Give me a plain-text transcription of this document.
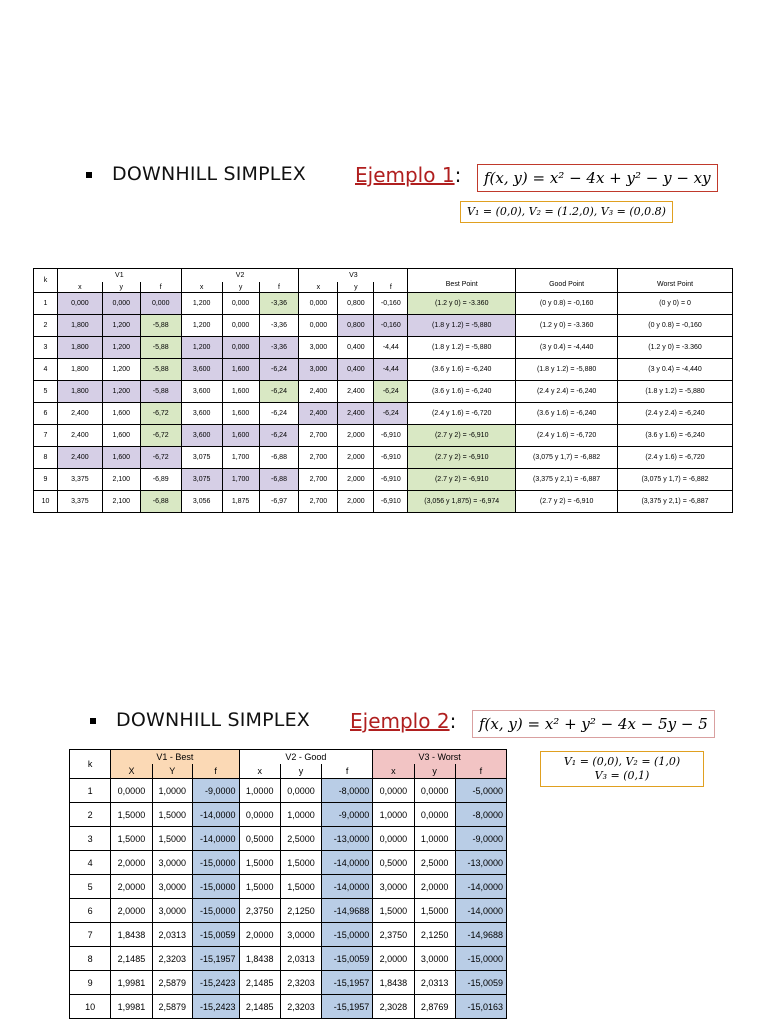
DOWNHILL SIMPLEX Ejemplo 1:	f(x, y) = x² − 4x + y² − y − xy
V₁ = (0,0), V₂ = (1.2,0), V₃ = (0,0.8)
k	V1			V2			V3			Best Point	Good Point	Worst Point
	x	y	f	x	y	f	x	y	f			
1	0,000	0,000	0,000	1,200	0,000	-3,36	0,000	0,800	-0,160	(1.2 y 0) = -3.360	(0 y 0.8) = -0,160	(0 y 0) = 0
2	1,800	1,200	-5,88	1,200	0,000	-3,36	0,000	0,800	-0,160	(1.8 y 1.2) = -5,880	(1.2 y 0) = -3.360	(0 y 0.8) = -0,160
3	1,800	1,200	-5,88	1,200	0,000	-3,36	3,000	0,400	-4,44	(1.8 y 1.2) = -5,880	(3 y 0.4) = -4,440	(1.2 y 0) = -3.360
4	1,800	1,200	-5,88	3,600	1,600	-6,24	3,000	0,400	-4,44	(3.6 y 1.6) = -6,240	(1.8 y 1.2) = -5,880	(3 y 0.4) = -4,440
5	1,800	1,200	-5,88	3,600	1,600	-6,24	2,400	2,400	-6,24	(3.6 y 1.6) = -6,240	(2.4 y 2.4) = -6,240	(1.8 y 1.2) = -5,880
6	2,400	1,600	-6,72	3,600	1,600	-6,24	2,400	2,400	-6,24	(2.4 y 1.6) = -6,720	(3.6 y 1.6) = -6,240	(2.4 y 2.4) = -6,240
7	2,400	1,600	-6,72	3,600	1,600	-6,24	2,700	2,000	-6,910	(2.7 y 2) = -6,910	(2.4 y 1.6) = -6,720	(3.6 y 1.6) = -6,240
8	2,400	1,600	-6,72	3,075	1,700	-6,88	2,700	2,000	-6,910	(2.7 y 2) = -6,910	(3,075 y 1,7) = -6,882	(2.4 y 1.6) = -6,720
9	3,375	2,100	-6,89	3,075	1,700	-6,88	2,700	2,000	-6,910	(2.7 y 2) = -6,910	(3,375 y 2,1) = -6,887	(3,075 y 1,7) = -6,882
10	3,375	2,100	-6,88	3,056	1,875	-6,97	2,700	2,000	-6,910	(3,056 y 1,875) = -6,974	(2.7 y 2) = -6,910	(3,375 y 2,1) = -6,887
DOWNHILL SIMPLEX Ejemplo 2:	f(x, y) = x² + y² − 4x − 5y − 5
V₁ = (0,0), V₂ = (1,0)
V₃ = (0,1)
k	V1 - Best			V2 - Good			V3 - Worst		
	X	Y	f	x	y	f	x	y	f
1	0,0000	1,0000	-9,0000	1,0000	0,0000	-8,0000	0,0000	0,0000	-5,0000
2	1,5000	1,5000	-14,0000	0,0000	1,0000	-9,0000	1,0000	0,0000	-8,0000
3	1,5000	1,5000	-14,0000	0,5000	2,5000	-13,0000	0,0000	1,0000	-9,0000
4	2,0000	3,0000	-15,0000	1,5000	1,5000	-14,0000	0,5000	2,5000	-13,0000
5	2,0000	3,0000	-15,0000	1,5000	1,5000	-14,0000	3,0000	2,0000	-14,0000
6	2,0000	3,0000	-15,0000	2,3750	2,1250	-14,9688	1,5000	1,5000	-14,0000
7	1,8438	2,0313	-15,0059	2,0000	3,0000	-15,0000	2,3750	2,1250	-14,9688
8	2,1485	2,3203	-15,1957	1,8438	2,0313	-15,0059	2,0000	3,0000	-15,0000
9	1,9981	2,5879	-15,2423	2,1485	2,3203	-15,1957	1,8438	2,0313	-15,0059
10	1,9981	2,5879	-15,2423	2,1485	2,3203	-15,1957	2,3028	2,8769	-15,0163
